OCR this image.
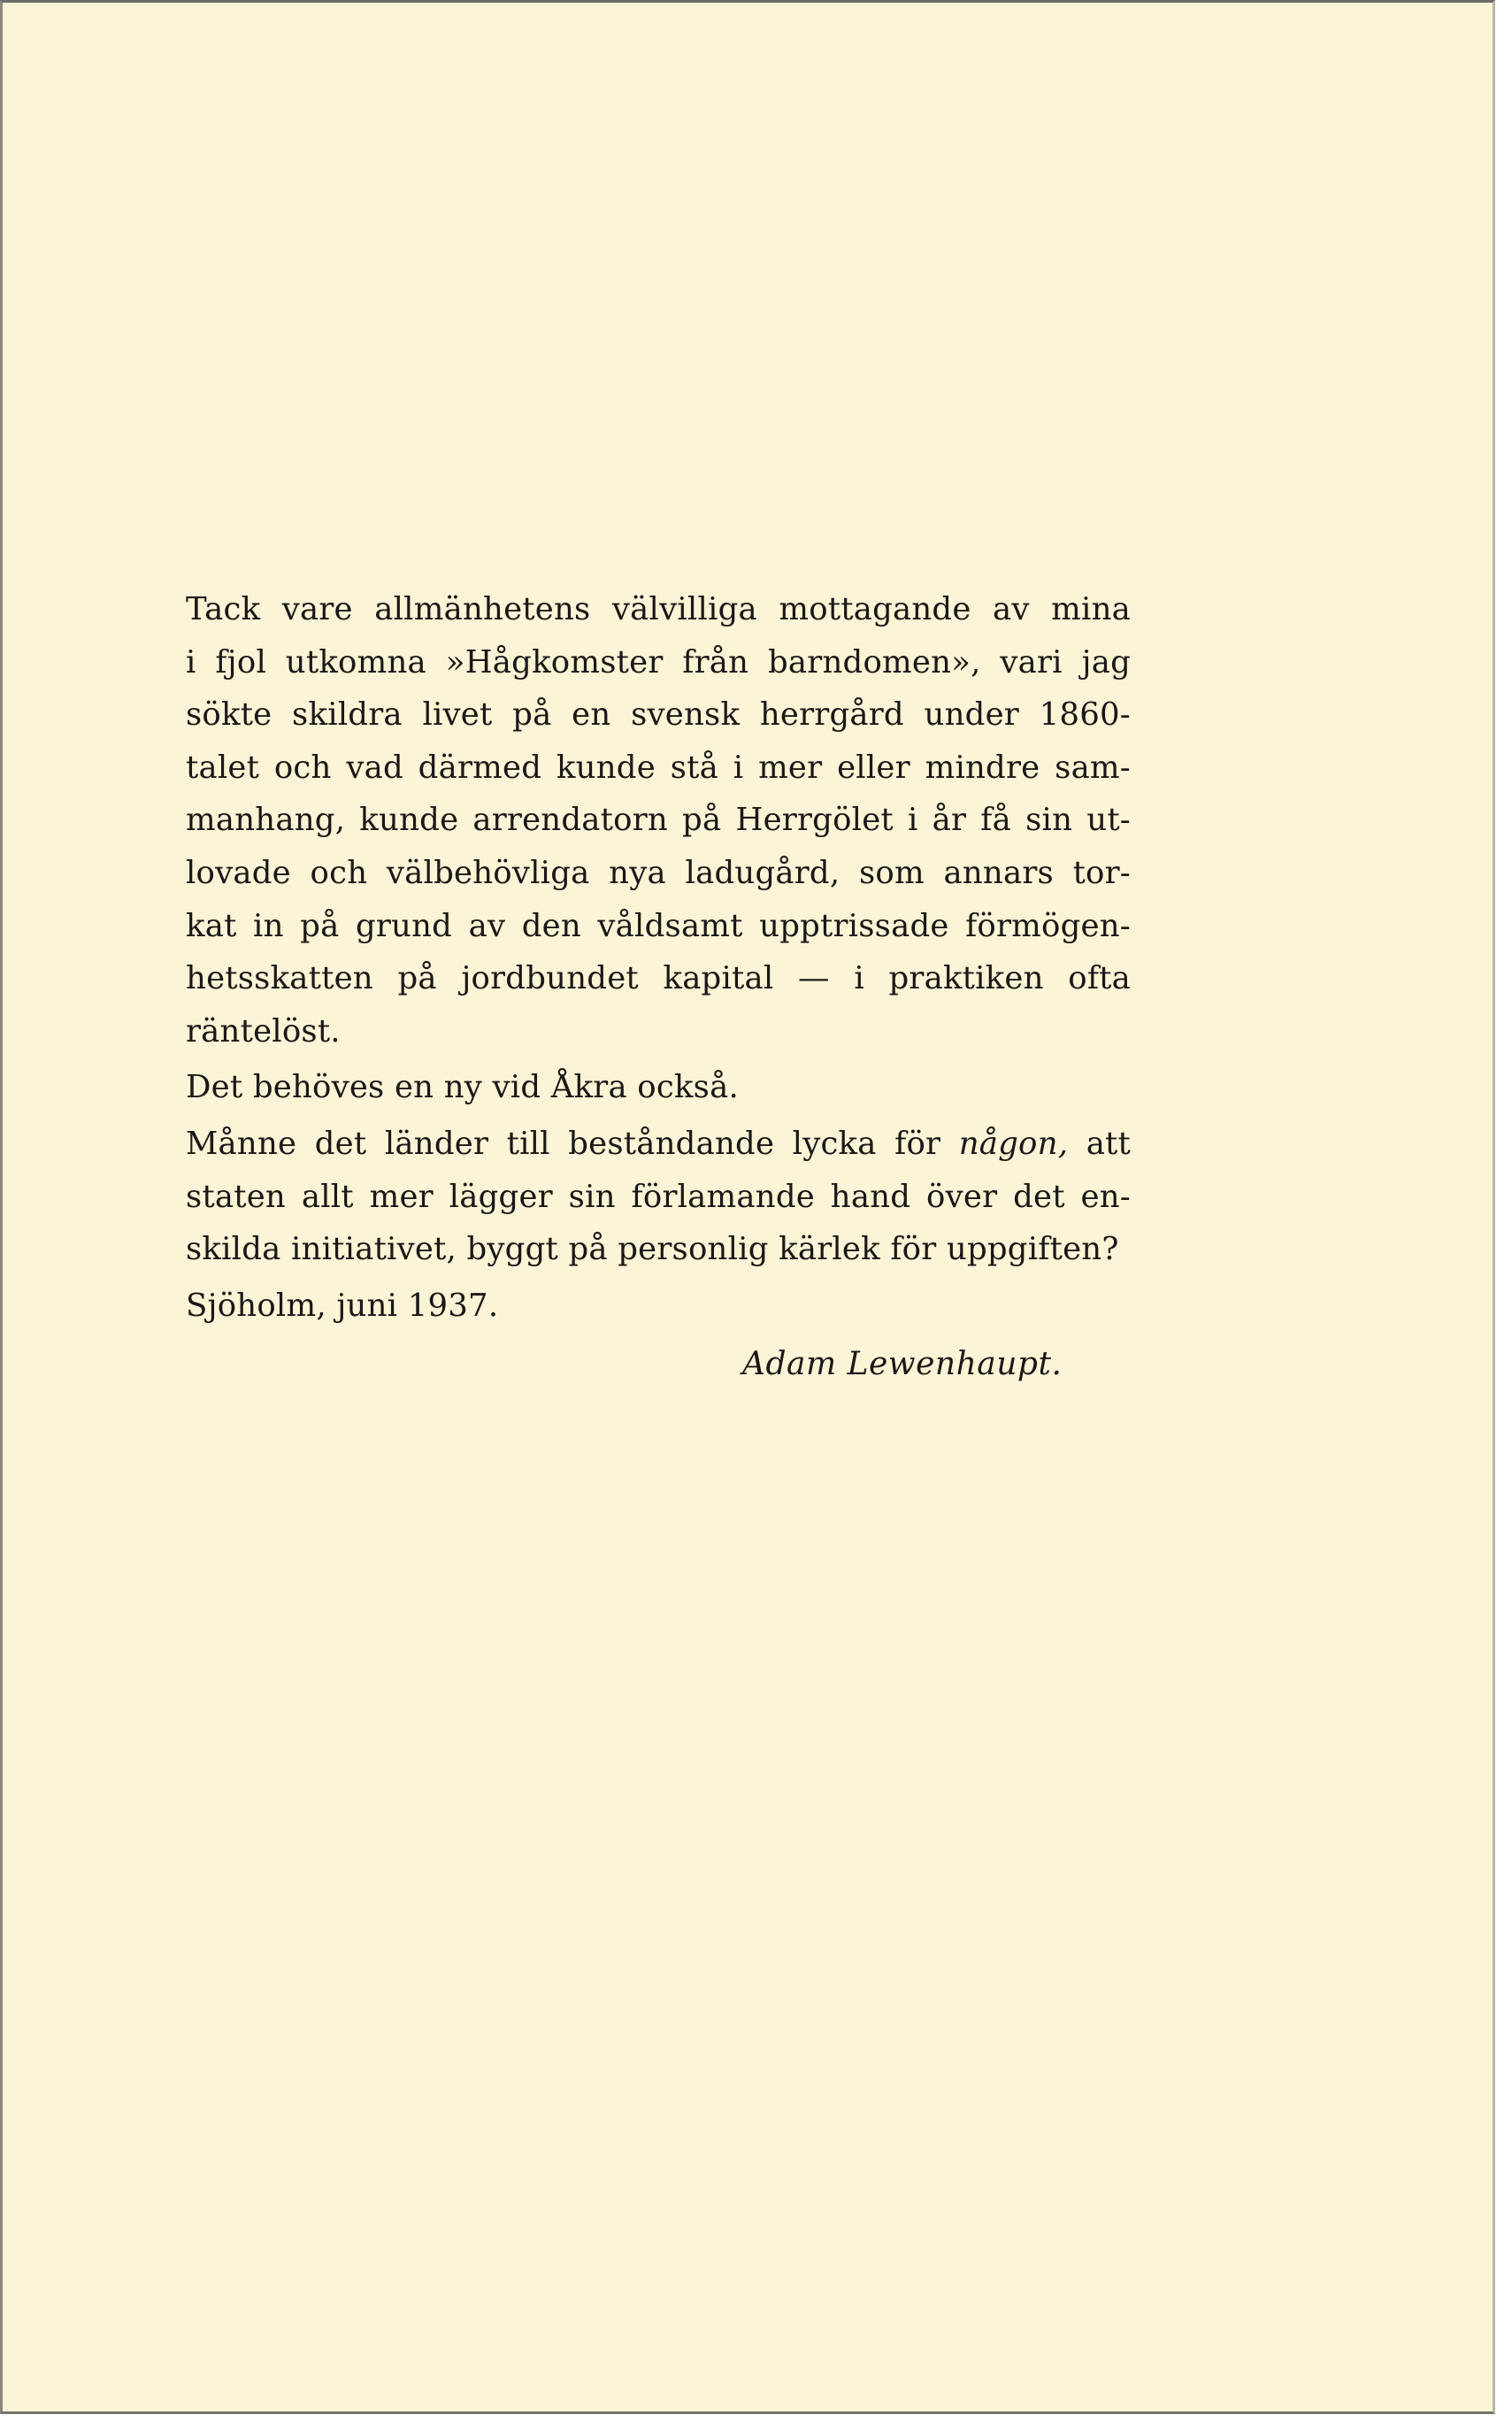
Tack vare allmänhetens välvilliga mottagande av mina
i fjol utkomna »Hågkomster från barndomen», vari jag
sökte skildra livet på en svensk herrgård under 1860-
talet och vad därmed kunde stå i mer eller mindre sam-
manhang, kunde arrendatorn på Herrgölet i år få sin ut-
lovade och välbehövliga nya ladugård, som annars tor-
kat in på grund av den våldsamt upptrissade förmögen-
hetsskatten på jordbundet kapital — i praktiken ofta
räntelöst.
Det behöves en ny vid Åkra också.
Månne det länder till beståndande lycka för någon, att
staten allt mer lägger sin förlamande hand över det en-
skilda initiativet, byggt på personlig kärlek för uppgiften?
Sjöholm, juni 1937.
Adam Lewenhaupt.
